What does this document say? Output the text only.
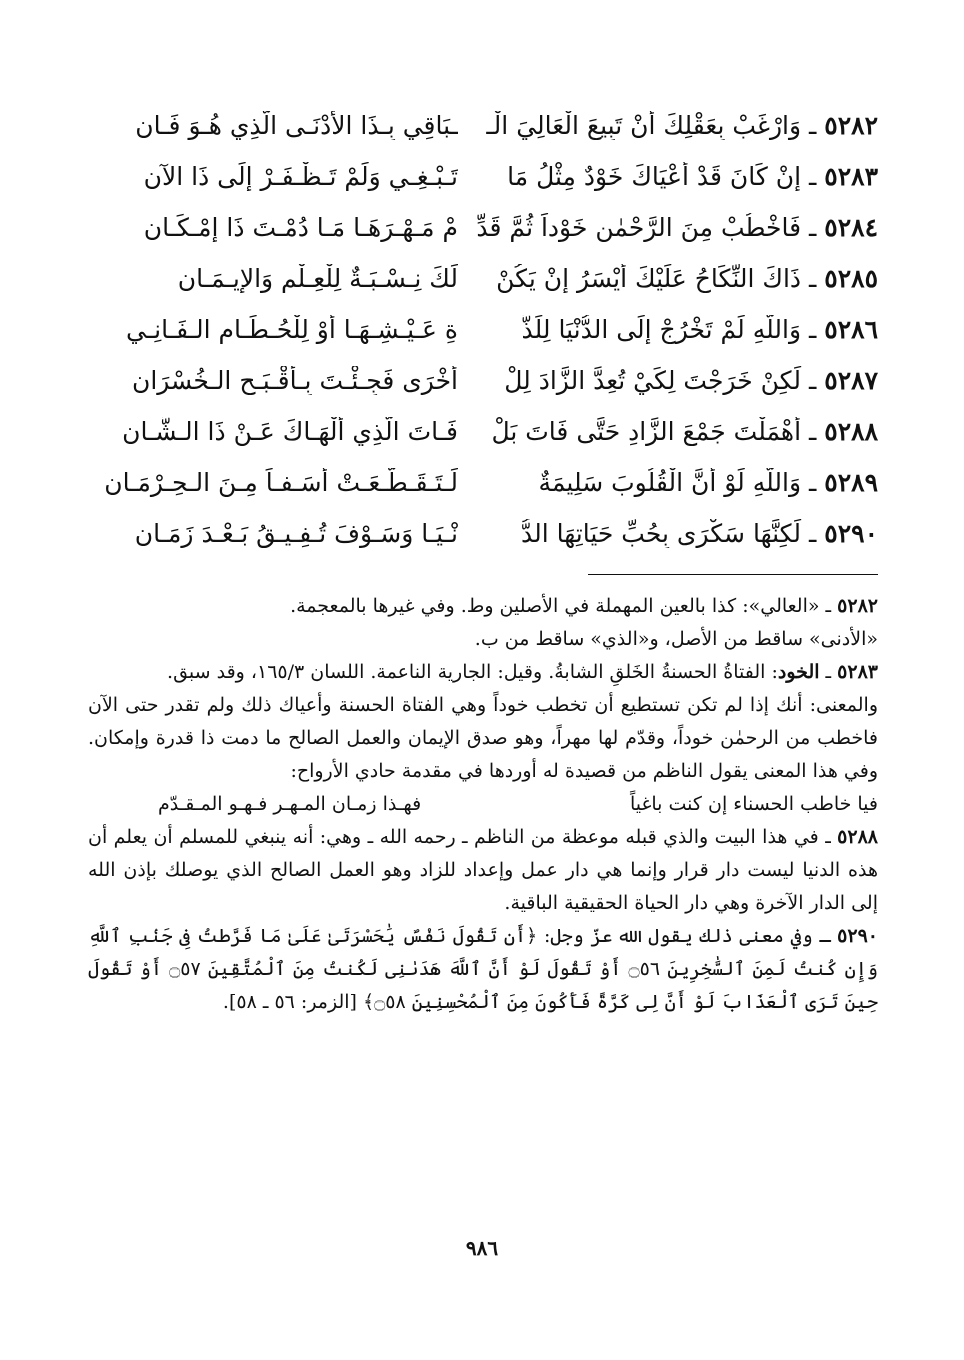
٥٢٨٢ ـ وَارْغَبْ بِعَقْلِكَ أَنْ تَبِيعَ الْعَالِيَ الْـ
ـبَاقِي بِـذَا الأَدْنَـى الَّذِي هُـوَ فَـانِ
٥٢٨٣ ـ إِنْ كَانَ قَدْ أَعْيَاكَ خَوْدٌ مِثْلُ مَا
تَـبْـغِـي وَلَمْ تَـظْـفَـرْ إِلَى ذَا الآنِ
٥٢٨٤ ـ فَاخْطُبْ مِنَ الرَّحْمٰنِ خَوْداً ثُمَّ قَدِّ
مْ مَـهْـرَهَـا مَـا دُمْـتَ ذَا إِمْـكَـانِ
٥٢٨٥ ـ ذَاكَ النِّكَاحُ عَلَيْكَ أَيْسَرُ إِنْ يَكُنْ
لَكَ نِـسْـبَـةٌ لِلْعِـلْمِ وَالإِيـمَـانِ
٥٢٨٦ ـ وَاللَّهِ لَمْ تَخْرُجْ إِلَى الدُّنْيَا لِلَذَّ
ةِ عَـيْـشِـهَـا أَوْ لِلْحُـطَـامِ الـفَـانِـي
٥٢٨٧ ـ لَكِنْ خَرَجْتَ لِكَيْ تُعِدَّ الزَّادَ لِلْ
أُخْرَى فَجِـئْـتَ بِـأَقْـبَـحِ الـخُسْرَانِ
٥٢٨٨ ـ أَهْمَلْتَ جَمْعَ الزَّادِ حَتَّى فَاتَ بَلْ
فَـاتَ الَّذِي أَلْهَـاكَ عَـنْ ذَا الـشَّـانِ
٥٢٨٩ ـ وَاللَّهِ لَوْ أَنَّ الْقُلُوبَ سَلِيمَةٌ
لَـتَـقَـطَّـعَـتْ أَسَـفـاً مِـنَ الـحِـرْمَـانِ
٥٢٩٠ ـ لَكِنَّهَا سَكْرَى بِحُبِّ حَيَاتِهَا الدُّ
نْـيَـا وَسَـوْفَ تُـفِـيـقُ بَـعْـدَ زَمَـانِ

٥٢٨٢ ـ «العالي»: كذا بالعين المهملة في الأصلين وط. وفي غيرها بالمعجمة.
«الأدنى» ساقط من الأصل، و«الذي» ساقط من ب.

٥٢٨٣ ـ الخود: الفتاةُ الحسنةُ الخَلقِ الشابةُ. وقيل: الجارية الناعمة. اللسان ١٦٥/٣، وقد سبق.

والمعنى: أنك إذا لم تكن تستطيع أن تخطب خوداً وهي الفتاة الحسنة وأعياك ذلك ولم تقدر حتى الآن فاخطب من الرحمٰن خوداً، وقدّم لها مهراً، وهو صدق الإيمان والعمل الصالح ما دمت ذا قدرة وإمكان. وفي هذا المعنى يقول الناظم من قصيدة له أوردها في مقدمة حادي الأرواح:

فيا خاطب الحسناء إن كنت باغياً
فهـذا زمـان المـهـر فـهـو المـقـدّم

٥٢٨٨ ـ في هذا البيت والذي قبله موعظة من الناظم ـ رحمه الله ـ وهي: أنه ينبغي للمسلم أن يعلم أن هذه الدنيا ليست دار قرار وإنما هي دار عمل وإعداد للزاد وهو العمل الصالح الذي يوصلك بإذن الله إلى الدار الآخرة وهي دار الحياة الحقيقية الباقية.

٥٢٩٠ ـ وفي معنى ذلك يقول الله عزّ وجل: ﴿أَن تَقُولَ نَفْسٌ يَٰحَسْرَتَىٰ عَلَىٰ مَا فَرَّطتُ فِى جَنۢبِ ٱللَّهِ وَإِن كُنتُ لَمِنَ ٱلسَّٰخِرِينَ ۝٥٦ أَوْ تَقُولَ لَوْ أَنَّ ٱللَّهَ هَدَىٰنِى لَكُنتُ مِنَ ٱلْمُتَّقِينَ ۝٥٧ أَوْ تَقُولَ حِينَ تَرَى ٱلْعَذَابَ لَوْ أَنَّ لِى كَرَّةً فَأَكُونَ مِنَ ٱلْمُحْسِنِينَ ۝٥٨﴾ [الزمر: ٥٦ ـ ٥٨].

٩٨٦
